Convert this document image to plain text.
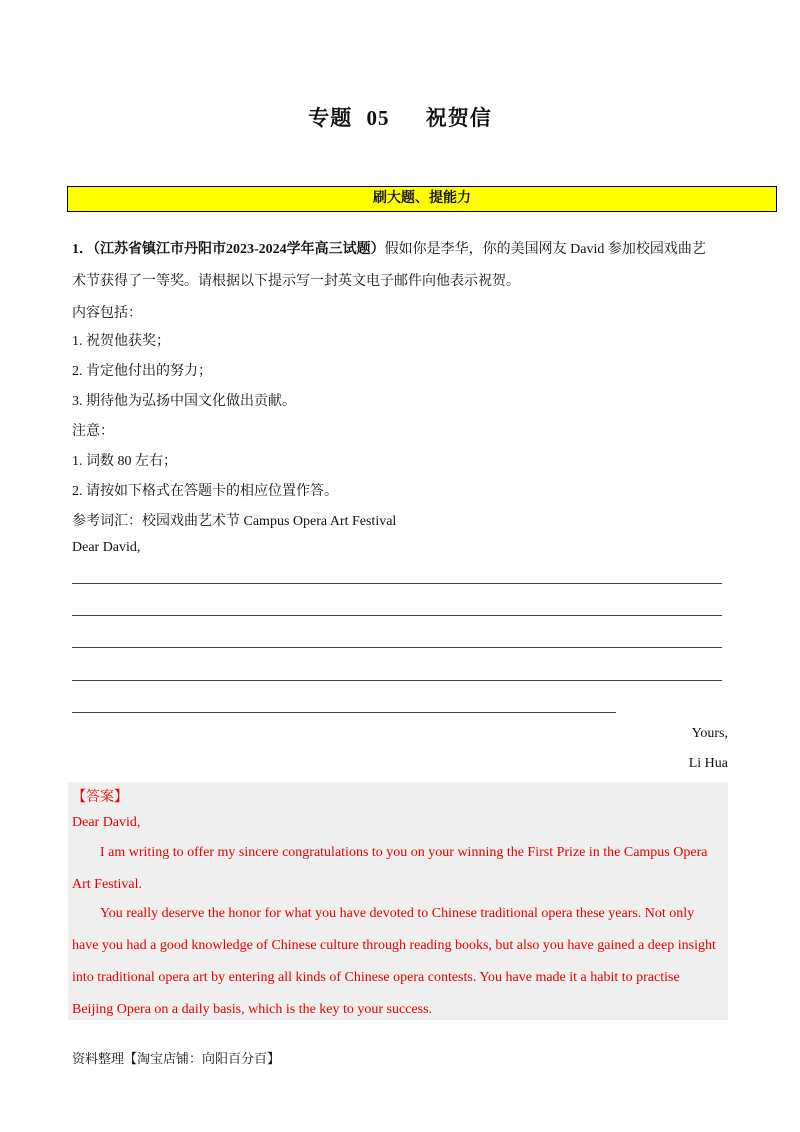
专题 05 祝贺信
刷大题、提能力
1．（江苏省镇江市丹阳市2023-2024学年高三试题）假如你是李华，你的美国网友 David 参加校园戏曲艺
术节获得了一等奖。请根据以下提示写一封英文电子邮件向他表示祝贺。
内容包括：
1. 祝贺他获奖；
2. 肯定他付出的努力；
3. 期待他为弘扬中国文化做出贡献。
注意：
1. 词数 80 左右；
2. 请按如下格式在答题卡的相应位置作答。
参考词汇：校园戏曲艺术节 Campus Opera Art Festival
Dear David,
Yours,
Li Hua
【答案】
Dear David,
I am writing to offer my sincere congratulations to you on your winning the First Prize in the Campus Opera
Art Festival.
You really deserve the honor for what you have devoted to Chinese traditional opera these years. Not only
have you had a good knowledge of Chinese culture through reading books, but also you have gained a deep insight
into traditional opera art by entering all kinds of Chinese opera contests. You have made it a habit to practise
Beijing Opera on a daily basis, which is the key to your success.
资料整理【淘宝店铺：向阳百分百】
